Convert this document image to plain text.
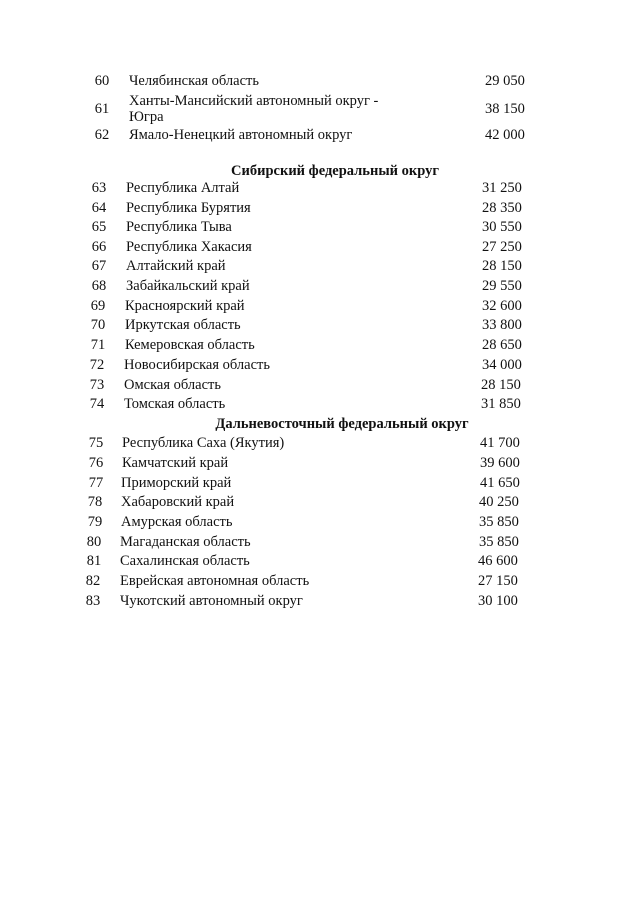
60	Челябинская область	29 050
61	Ханты-Мансийский автономный округ -
Югра	38 150
62	Ямало-Ненецкий автономный округ	42 000
Сибирский федеральный округ
63	Республика Алтай	31 250
64	Республика Бурятия	28 350
65	Республика Тыва	30 550
66	Республика Хакасия	27 250
67	Алтайский край	28 150
68	Забайкальский край	29 550
69	Красноярский край	32 600
70	Иркутская область	33 800
71	Кемеровская область	28 650
72	Новосибирская область	34 000
73	Омская область	28 150
74	Томская область	31 850
Дальневосточный федеральный округ
75	Республика Саха (Якутия)	41 700
76	Камчатский край	39 600
77	Приморский край	41 650
78	Хабаровский край	40 250
79	Амурская область	35 850
80	Магаданская область	35 850
81	Сахалинская область	46 600
82	Еврейская автономная область	27 150
83	Чукотский автономный округ	30 100
